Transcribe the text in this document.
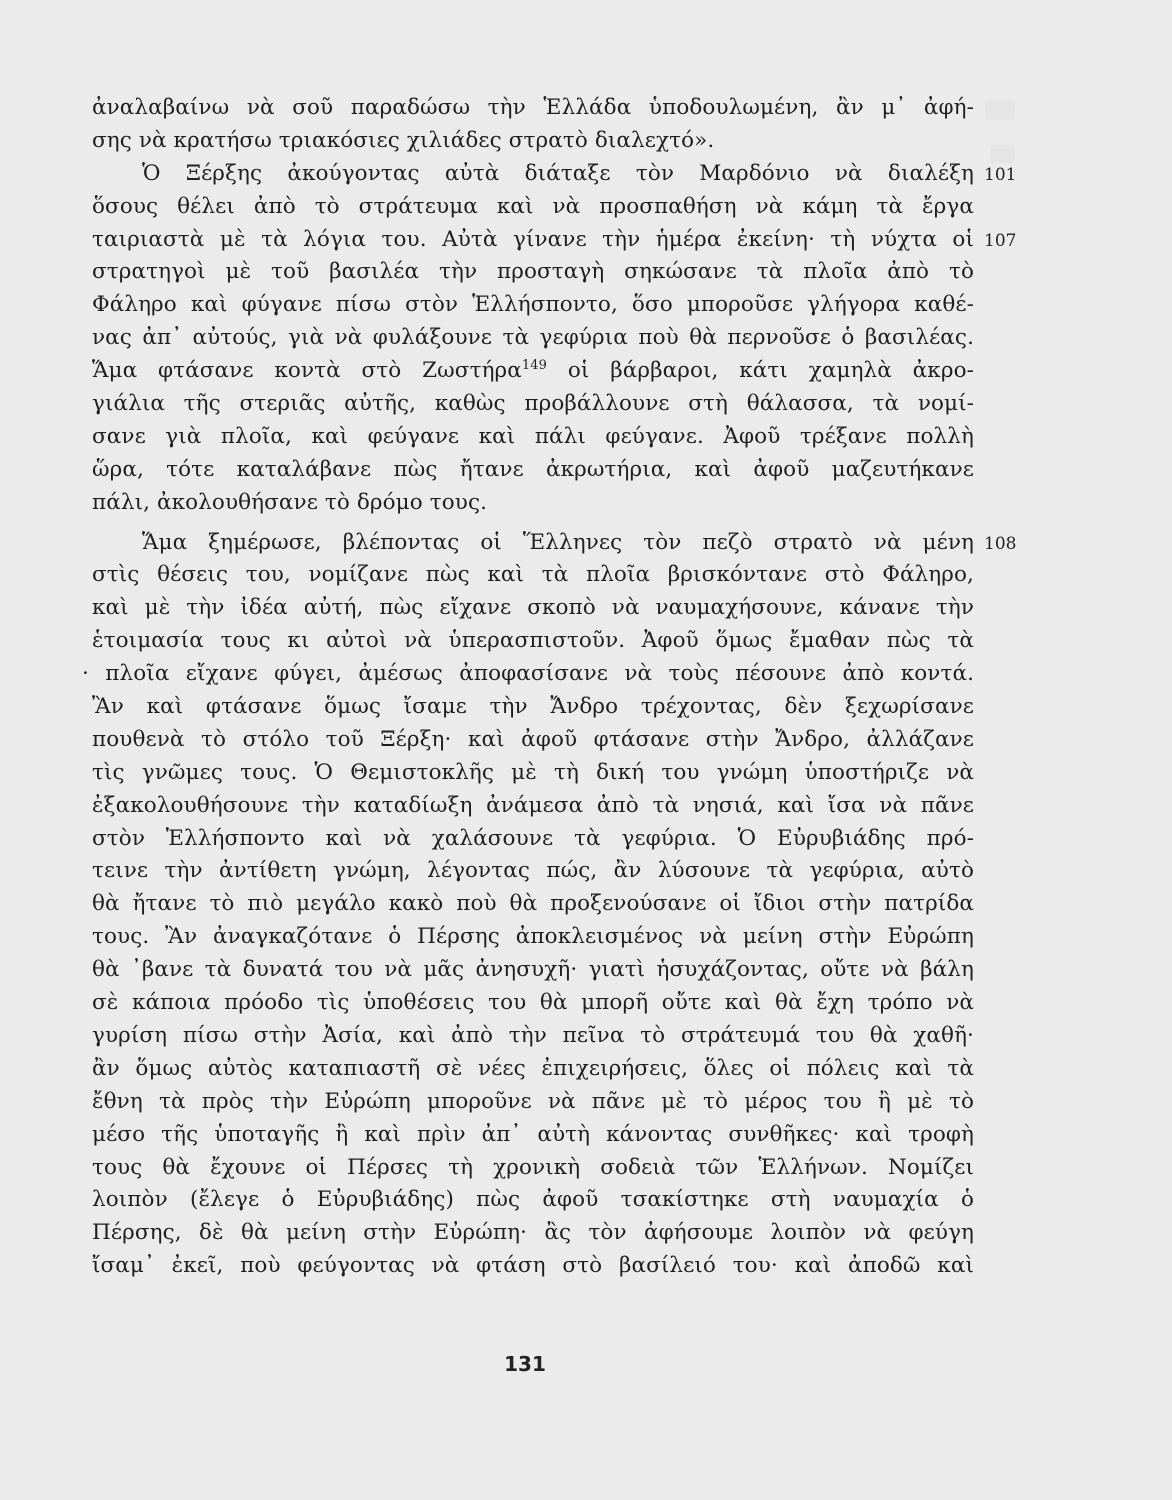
ἀναλαβαίνω νὰ σοῦ παραδώσω τὴν Ἑλλάδα ὑποδουλωμένη, ἂν μ᾿ ἀφή-
σης νὰ κρατήσω τριακόσιες χιλιάδες στρατὸ διαλεχτό».
Ὁ Ξέρξης ἀκούγοντας αὐτὰ διάταξε τὸν Μαρδόνιο νὰ διαλέξη 101
ὅσους θέλει ἀπὸ τὸ στράτευμα καὶ νὰ προσπαθήση νὰ κάμη τὰ ἔργα
ταιριαστὰ μὲ τὰ λόγια του. Αὐτὰ γίνανε τὴν ἡμέρα ἐκείνη· τὴ νύχτα οἱ 107
στρατηγοὶ μὲ τοῦ βασιλέα τὴν προσταγὴ σηκώσανε τὰ πλοῖα ἀπὸ τὸ
Φάληρο καὶ φύγανε πίσω στὸν Ἑλλήσποντο, ὅσο μποροῦσε γλήγορα καθέ-
νας ἀπ᾿ αὐτούς, γιὰ νὰ φυλάξουνε τὰ γεφύρια ποὺ θὰ περνοῦσε ὁ βασιλέας.
Ἅμα φτάσανε κοντὰ στὸ Ζωστήρα$^{149}$ οἱ βάρβαροι, κάτι χαμηλὰ ἀκρο-
γιάλια τῆς στεριᾶς αὐτῆς, καθὼς προβάλλουνε στὴ θάλασσα, τὰ νομί-
σανε γιὰ πλοῖα, καὶ φεύγανε καὶ πάλι φεύγανε. Ἀφοῦ τρέξανε πολλὴ
ὥρα, τότε καταλάβανε πὼς ἤτανε ἀκρωτήρια, καὶ ἀφοῦ μαζευτήκανε
πάλι, ἀκολουθήσανε τὸ δρόμο τους.
Ἅμα ξημέρωσε, βλέποντας οἱ Ἕλληνες τὸν πεζὸ στρατὸ νὰ μένη 108
στὶς θέσεις του, νομίζανε πὼς καὶ τὰ πλοῖα βρισκόντανε στὸ Φάληρο,
καὶ μὲ τὴν ἰδέα αὐτή, πὼς εἴχανε σκοπὸ νὰ ναυμαχήσουνε, κάνανε τὴν
ἑτοιμασία τους κι αὐτοὶ νὰ ὑπερασπιστοῦν. Ἀφοῦ ὅμως ἔμαθαν πὼς τὰ
· πλοῖα εἴχανε φύγει, ἀμέσως ἀποφασίσανε νὰ τοὺς πέσουνε ἀπὸ κοντά.
Ἂν καὶ φτάσανε ὅμως ἴσαμε τὴν Ἄνδρο τρέχοντας, δὲν ξεχωρίσανε
πουθενὰ τὸ στόλο τοῦ Ξέρξη· καὶ ἀφοῦ φτάσανε στὴν Ἄνδρο, ἀλλάζανε
τὶς γνῶμες τους. Ὁ Θεμιστοκλῆς μὲ τὴ δική του γνώμη ὑποστήριζε νὰ
ἐξακολουθήσουνε τὴν καταδίωξη ἀνάμεσα ἀπὸ τὰ νησιά, καὶ ἴσα νὰ πᾶνε
στὸν Ἑλλήσποντο καὶ νὰ χαλάσουνε τὰ γεφύρια. Ὁ Εὐρυβιάδης πρό-
τεινε τὴν ἀντίθετη γνώμη, λέγοντας πώς, ἂν λύσουνε τὰ γεφύρια, αὐτὸ
θὰ ἤτανε τὸ πιὸ μεγάλο κακὸ ποὺ θὰ προξενούσανε οἱ ἴδιοι στὴν πατρίδα
τους. Ἂν ἀναγκαζότανε ὁ Πέρσης ἀποκλεισμένος νὰ μείνη στὴν Εὐρώπη
θὰ ᾿βανε τὰ δυνατά του νὰ μᾶς ἀνησυχῆ· γιατὶ ἡσυχάζοντας, οὔτε νὰ βάλη
σὲ κάποια πρόοδο τὶς ὑποθέσεις του θὰ μπορῆ οὔτε καὶ θὰ ἔχη τρόπο νὰ
γυρίση πίσω στὴν Ἀσία, καὶ ἀπὸ τὴν πεῖνα τὸ στράτευμά του θὰ χαθῆ·
ἂν ὅμως αὐτὸς καταπιαστῆ σὲ νέες ἐπιχειρήσεις, ὅλες οἱ πόλεις καὶ τὰ
ἔθνη τὰ πρὸς τὴν Εὐρώπη μποροῦνε νὰ πᾶνε μὲ τὸ μέρος του ἢ μὲ τὸ
μέσο τῆς ὑποταγῆς ἢ καὶ πρὶν ἀπ᾿ αὐτὴ κάνοντας συνθῆκες· καὶ τροφὴ
τους θὰ ἔχουνε οἱ Πέρσες τὴ χρονικὴ σοδειὰ τῶν Ἑλλήνων. Νομίζει
λοιπὸν (ἔλεγε ὁ Εὐρυβιάδης) πὼς ἀφοῦ τσακίστηκε στὴ ναυμαχία ὁ
Πέρσης, δὲ θὰ μείνη στὴν Εὐρώπη· ἂς τὸν ἀφήσουμε λοιπὸν νὰ φεύγη
ἴσαμ᾿ ἐκεῖ, ποὺ φεύγοντας νὰ φτάση στὸ βασίλειό του· καὶ ἀποδῶ καὶ
131
